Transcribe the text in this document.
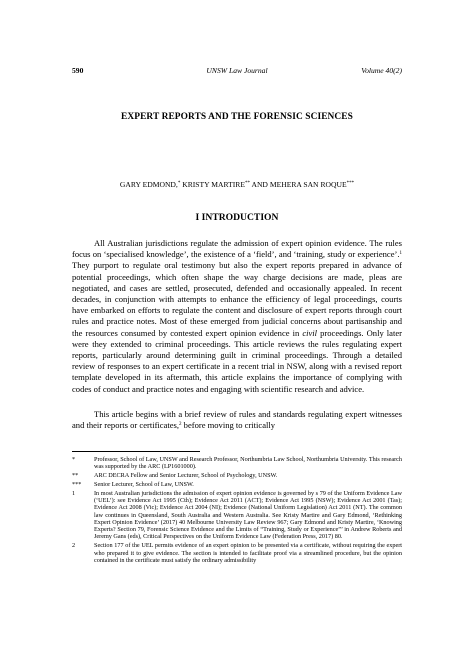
590	UNSW Law Journal	Volume 40(2)
EXPERT REPORTS AND THE FORENSIC SCIENCES
GARY EDMOND,* KRISTY MARTIRE** AND MEHERA SAN ROQUE***
I INTRODUCTION

All Australian jurisdictions regulate the admission of expert opinion evidence. The rules focus on ‘specialised knowledge’, the existence of a ‘field’, and ‘training, study or experience’.$^1$ They purport to regulate oral testimony but also the expert reports prepared in advance of potential proceedings, which often shape the way charge decisions are made, pleas are negotiated, and cases are settled, prosecuted, defended and occasionally appealed. In recent decades, in conjunction with attempts to enhance the efficiency of legal proceedings, courts have embarked on efforts to regulate the content and disclosure of expert reports through court rules and practice notes. Most of these emerged from judicial concerns about partisanship and the resources consumed by contested expert opinion evidence in civil proceedings. Only later were they extended to criminal proceedings. This article reviews the rules regulating expert reports, particularly around determining guilt in criminal proceedings. Through a detailed review of responses to an expert certificate in a recent trial in NSW, along with a revised report template developed in its aftermath, this article explains the importance of complying with codes of conduct and practice notes and engaging with scientific research and advice.

This article begins with a brief review of rules and standards regulating expert witnesses and their reports or certificates,$^2$ before moving to critically

*	Professor, School of Law, UNSW and Research Professor, Northumbria Law School, Northumbria University. This research was supported by the ARC (LP1601000).
**	ARC DECRA Fellow and Senior Lecturer, School of Psychology, UNSW.
*** Senior Lecturer, School of Law, UNSW.
1	In most Australian jurisdictions the admission of expert opinion evidence is governed by s 79 of the Uniform Evidence Law (‘UEL’): see Evidence Act 1995 (Cth); Evidence Act 2011 (ACT); Evidence Act 1995 (NSW); Evidence Act 2001 (Tas); Evidence Act 2008 (Vic); Evidence Act 2004 (NI); Evidence (National Uniform Legislation) Act 2011 (NT). The common law continues in Queensland, South Australia and Western Australia. See Kristy Martire and Gary Edmond, ‘Rethinking Expert Opinion Evidence’ (2017) 40 Melbourne University Law Review 967; Gary Edmond and Kristy Martire, ‘Knowing Experts? Section 79, Forensic Science Evidence and the Limits of “Training, Study or Experience”’ in Andrew Roberts and Jeremy Gans (eds), Critical Perspectives on the Uniform Evidence Law (Federation Press, 2017) 80.
2	Section 177 of the UEL permits evidence of an expert opinion to be presented via a certificate, without requiring the expert who prepared it to give evidence. The section is intended to facilitate proof via a streamlined procedure, but the opinion contained in the certificate must satisfy the ordinary admissibility
